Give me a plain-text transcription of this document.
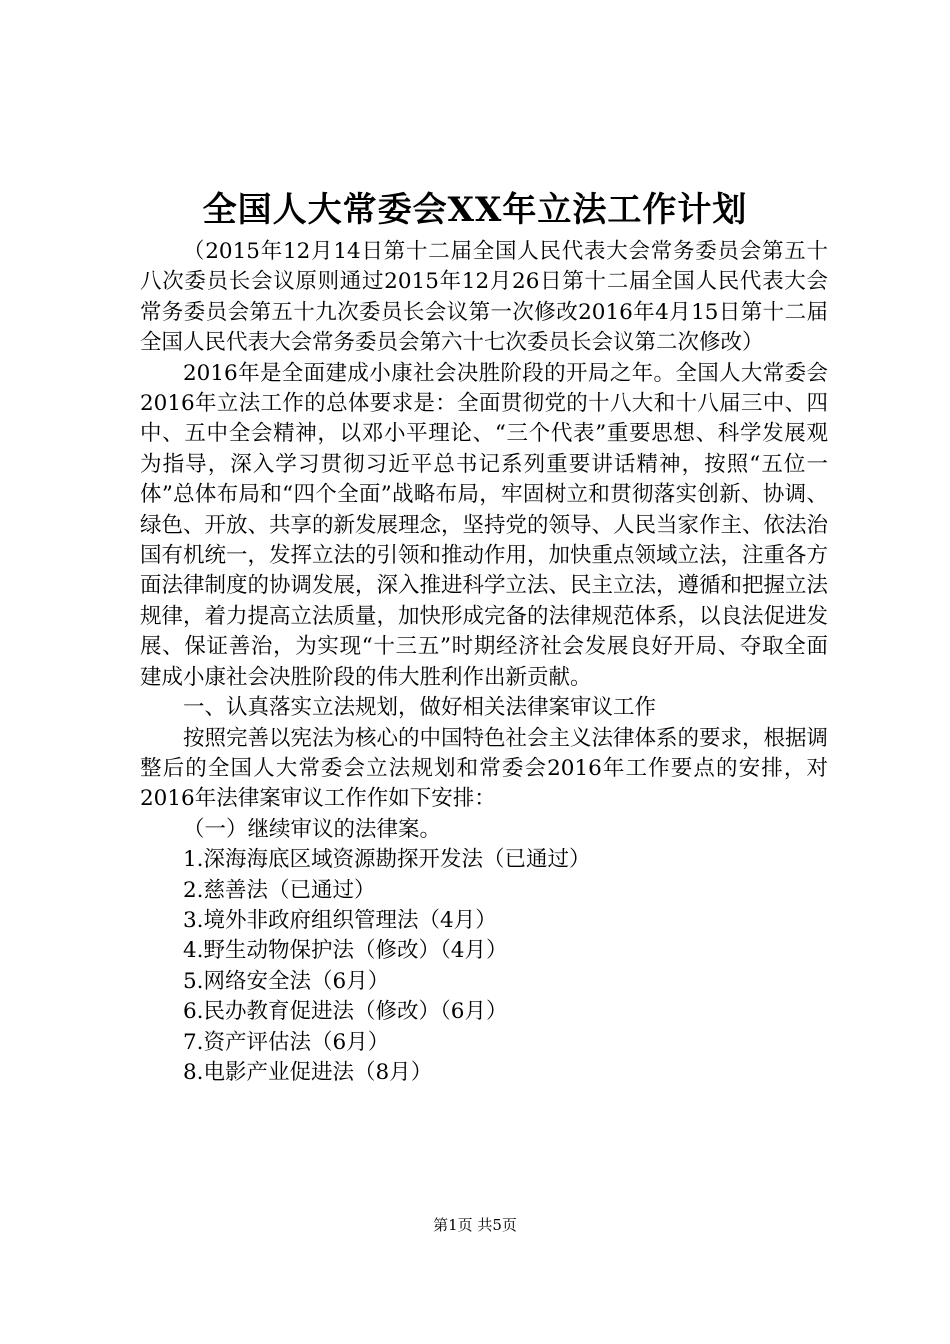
全国人大常委会XX年立法工作计划

（2015年12月14日第十二届全国人民代表大会常务委员会第五十八次委员长会议原则通过2015年12月26日第十二届全国人民代表大会常务委员会第五十九次委员长会议第一次修改2016年4月15日第十二届全国人民代表大会常务委员会第六十七次委员长会议第二次修改）

2016年是全面建成小康社会决胜阶段的开局之年。全国人大常委会2016年立法工作的总体要求是：全面贯彻党的十八大和十八届三中、四中、五中全会精神，以邓小平理论、“三个代表”重要思想、科学发展观为指导，深入学习贯彻习近平总书记系列重要讲话精神，按照“五位一体”总体布局和“四个全面”战略布局，牢固树立和贯彻落实创新、协调、绿色、开放、共享的新发展理念，坚持党的领导、人民当家作主、依法治国有机统一，发挥立法的引领和推动作用，加快重点领域立法，注重各方面法律制度的协调发展，深入推进科学立法、民主立法，遵循和把握立法规律，着力提高立法质量，加快形成完备的法律规范体系，以良法促进发展、保证善治，为实现“十三五”时期经济社会发展良好开局、夺取全面建成小康社会决胜阶段的伟大胜利作出新贡献。

一、认真落实立法规划，做好相关法律案审议工作

按照完善以宪法为核心的中国特色社会主义法律体系的要求，根据调整后的全国人大常委会立法规划和常委会2016年工作要点的安排，对2016年法律案审议工作作如下安排：

（一）继续审议的法律案。

1.深海海底区域资源勘探开发法（已通过）

2.慈善法（已通过）

3.境外非政府组织管理法（4月）

4.野生动物保护法（修改）（4月）

5.网络安全法（6月）

6.民办教育促进法（修改）（6月）

7.资产评估法（6月）

8.电影产业促进法（8月）

第1页 共5页
